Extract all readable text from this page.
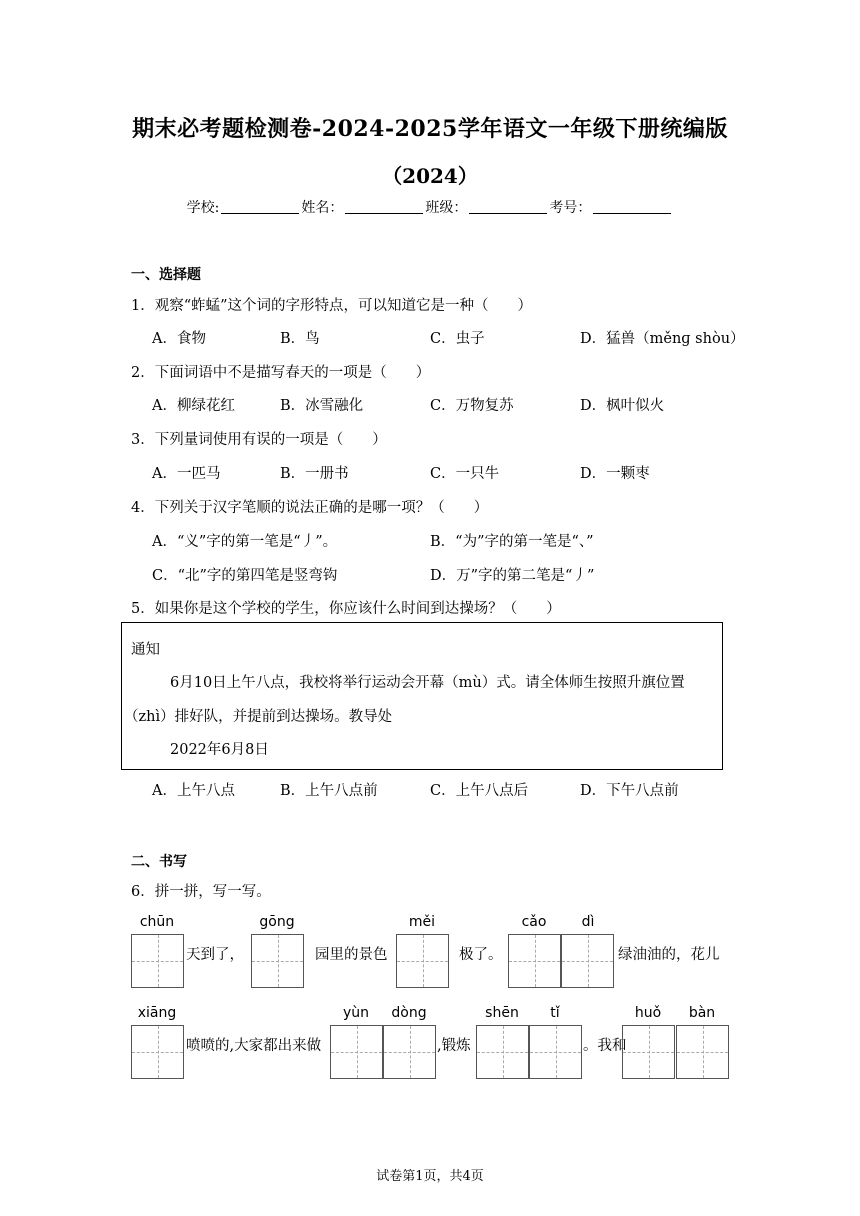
期末必考题检测卷-2024-2025学年语文一年级下册统编版
（2024）
学校:	姓名：	班级：	考号：
一、选择题
1．观察“蚱蜢”这个词的字形特点，可以知道它是一种（　　）
A．食物	B．鸟	C．虫子	D．猛兽（měnɡ shòu）
2．下面词语中不是描写春天的一项是（　　）
A．柳绿花红	B．冰雪融化	C．万物复苏	D．枫叶似火
3．下列量词使用有误的一项是（　　）
A．一匹马	B．一册书	C．一只牛	D．一颗枣
4．下列关于汉字笔顺的说法正确的是哪一项？（　　）
A．“义”字的第一笔是“丿”。	B．“为”字的第一笔是“、”
C．“北”字的第四笔是竖弯钩	D．万”字的第二笔是“丿”
5．如果你是这个学校的学生，你应该什么时间到达操场？（　　）
通知
6月10日上午八点，我校将举行运动会开幕（mù）式。请全体师生按照升旗位置
（zhì）排好队，并提前到达操场。教导处
2022年6月8日
A．上午八点	B．上午八点前	C．上午八点后	D．下午八点前
二、书写
6．拼一拼，写一写。
chūn
天到了，
gōng
园里的景色
měi
极了。
cǎo	dì
绿油油的，花儿
xiāng
喷喷的,大家都出来做
yùn	dòng
,锻炼
shēn	tǐ
。我和
huǒ	bàn
试卷第1页，共4页
